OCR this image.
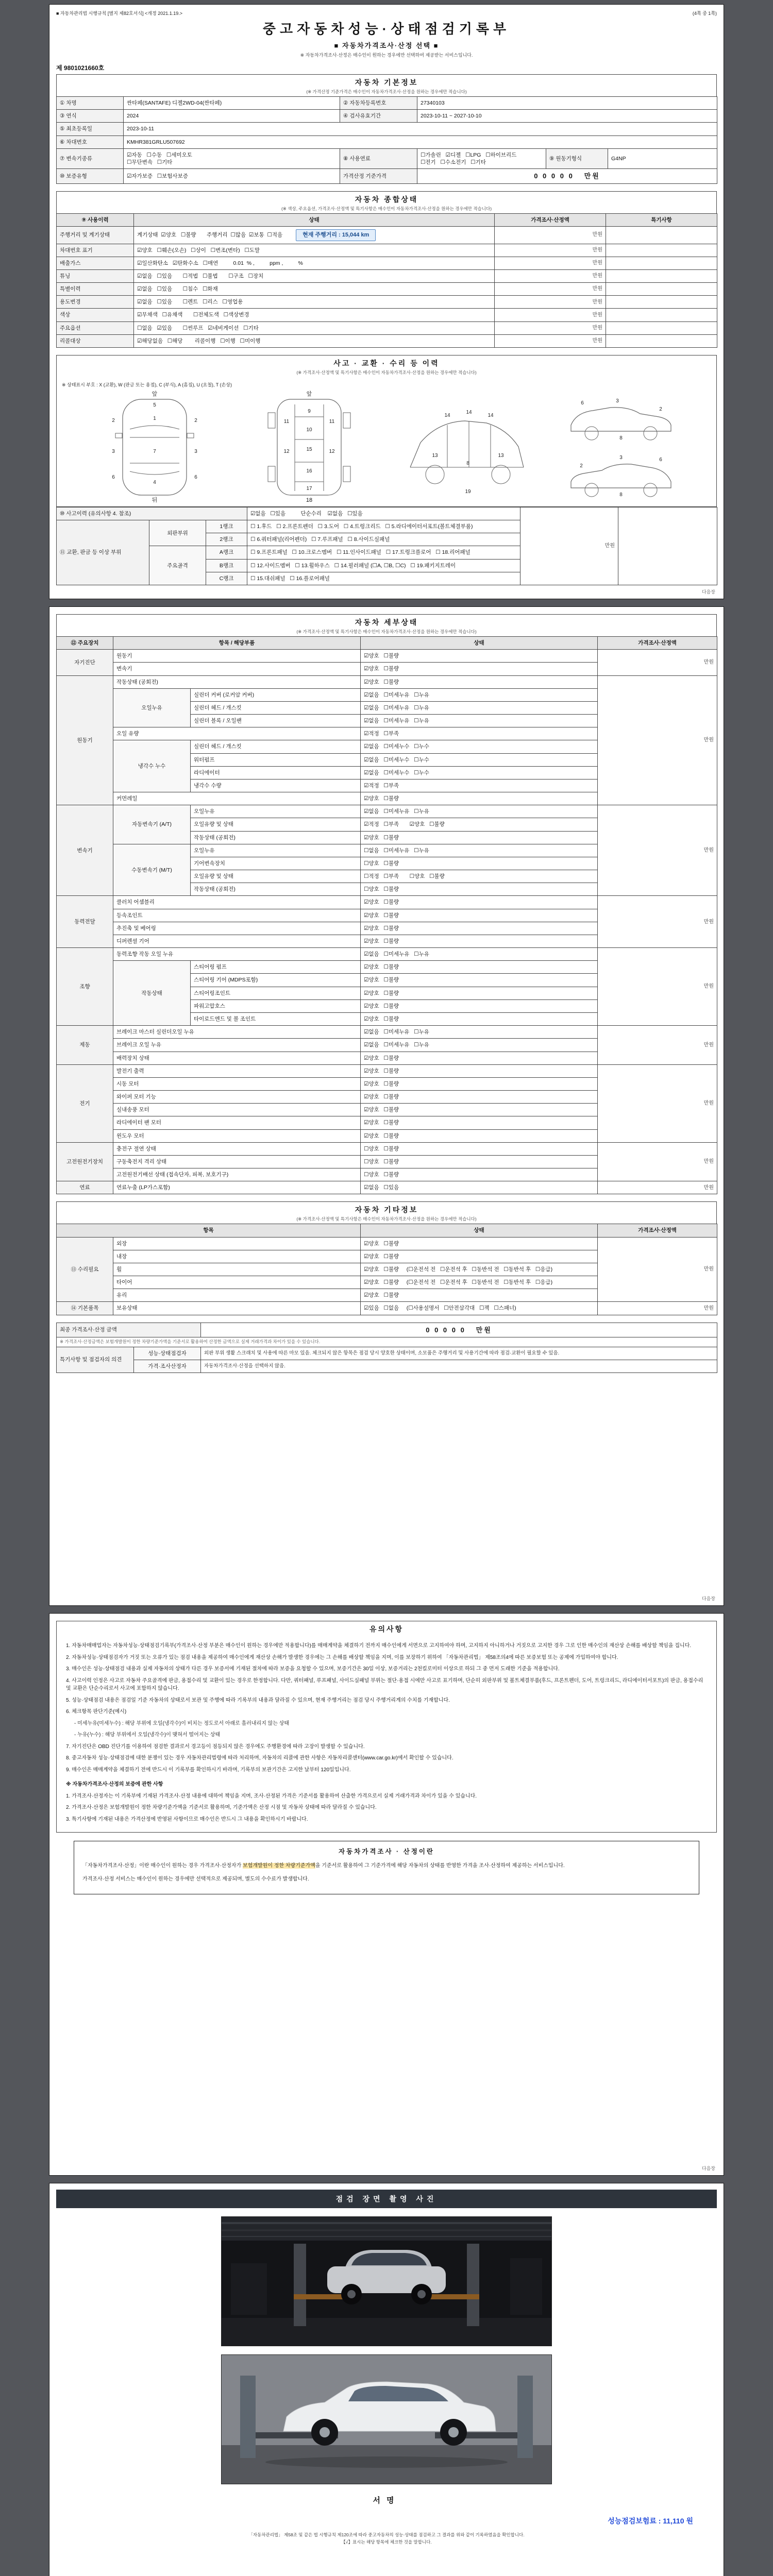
■ 자동차관리법 시행규칙 [별지 제82호서식] <개정 2021.1.19.>	(4쪽 중 1쪽)
중고자동차성능·상태점검기록부
■ 자동차가격조사·산정 선택 ■
※ 자동차가격조사·산정은 매수인이 원하는 경우에만 선택하여 제공받는 서비스입니다.
제 9801021660호
자동차 기본정보
(※ 가격산정 기준가격은 매수인이 자동차가격조사·산정을 원하는 경우에만 적습니다)
① 차명	싼타페(SANTAFE) 디젤2WD-04(싼타페)	② 자동차등록번호	27340103		
③ 연식	2024	④ 검사유효기간	2023-10-11 ~ 2027-10-10		
⑤ 최초등록일	2023-10-11				
⑥ 차대번호	KMHR381GRLU507692				
⑦ 변속기종류	☑자동   ☐수동   ☐세미오토
☐무단변속   ☐기타	⑧ 사용연료	☐가솔린   ☑디젤   ☐LPG   ☐하이브리드
☐전기   ☐수소전기   ☐기타	⑨ 원동기형식	G4NP
⑩ 보증유형	☑자가보증   ☐보험사보증	가격산정 기준가격	0 0 0 0 0   만원		
자동차 종합상태
(※ 색상, 주요옵션, 가격조사·산정액 및 특기사항은 매수인이 자동차가격조사·산정을 원하는 경우에만 적습니다)
⑨ 사용이력	상태	가격조사·산정액	특기사항
주행거리 및 계기상태	계기상태  ☑양호   ☐불량       주행거리  ☐많음  ☑보통  ☐적음 현재 주행거리 : 15,044 km	만원	
차대번호 표기	☑양호   ☐훼손(오손)   ☐상이   ☐변조(변타)   ☐도말	만원	
배출가스	☑일산화탄소   ☑탄화수소   ☐매연          0.01  % ,          ppm ,          %	만원	
튜닝	☑없음   ☐있음       ☐적법   ☐불법       ☐구조   ☐장치	만원	
특별이력	☑없음   ☐있음       ☐침수   ☐화재	만원	
용도변경	☑없음   ☐있음       ☐렌트   ☐리스   ☐영업용	만원	
색상	☑무채색   ☐유채색       ☐전체도색   ☐색상변경	만원	
주요옵션	☐없음   ☑있음       ☐썬루프   ☑네비게이션   ☐기타	만원	
리콜대상	☑해당없음   ☐해당        리콜이행   ☐이행   ☐미이행	만원	
사고 · 교환 · 수리 등 이력
(※ 가격조사·산정액 및 특기사항은 매수인이 자동차가격조사·산정을 원하는 경우에만 적습니다)
※ 상태표시 부호 : X (교환), W (판금 또는 용접), C (부식), A (흠집), U (요철), T (손상)
앞
5
1
7
4
2	2
3	3
6	6
뒤
앞
9
10
15
16
17
11	11
12	12
18
14
14
14
13	13
8
19
6	3
2
8
2
3	6
8
⑩ 사고이력 (유의사항 4. 참조)			☑없음   ☐있음          단순수리    ☑없음   ☐있음	만원	
⑪ 교환, 판금 등 이상 부위	외판부위	1랭크	☐ 1.후드   ☐ 2.프론트펜더   ☐ 3.도어   ☐ 4.트렁크리드   ☐ 5.라디에이터서포트(볼트체결부품)		
		2랭크	☐ 6.쿼터패널(리어펜더)   ☐ 7.루프패널   ☐ 8.사이드실패널		
	주요골격	A랭크	☐ 9.프론트패널   ☐ 10.크로스멤버   ☐ 11.인사이드패널   ☐ 17.트렁크플로어   ☐ 18.리어패널		
		B랭크	☐ 12.사이드멤버   ☐ 13.휠하우스   ☐ 14.필러패널 (☐A, ☐B, ☐C)   ☐ 19.패키지트레이		
		C랭크	☐ 15.대쉬패널   ☐ 16.플로어패널		
다음장
자동차 세부상태
(※ 가격조사·산정액 및 특기사항은 매수인이 자동차가격조사·산정을 원하는 경우에만 적습니다)
⑫ 주요장치	항목 / 해당부품		상태	가격조사·산정액
자기진단	원동기		☑양호   ☐불량	만원
	변속기		☑양호   ☐불량	
원동기	작동상태 (공회전)		☑양호   ☐불량	만원
	오일누유	실린더 커버 (로커암 커버)	☑없음   ☐미세누유   ☐누유	
		실린더 헤드 / 개스킷	☑없음   ☐미세누유   ☐누유	
		실린더 블록 / 오일팬	☑없음   ☐미세누유   ☐누유	
	오일 유량		☑적정   ☐부족	
	냉각수 누수	실린더 헤드 / 개스킷	☑없음   ☐미세누수   ☐누수	
		워터펌프	☑없음   ☐미세누수   ☐누수	
		라디에이터	☑없음   ☐미세누수   ☐누수	
		냉각수 수량	☑적정   ☐부족	
	커먼레일		☑양호   ☐불량	
변속기	자동변속기 (A/T)	오일누유	☑없음   ☐미세누유   ☐누유	만원
		오일유량 및 상태	☑적정   ☐부족       ☑양호   ☐불량	
		작동상태 (공회전)	☑양호   ☐불량	
	수동변속기 (M/T)	오일누유	☐없음   ☐미세누유   ☐누유	
		기어변속장치	☐양호   ☐불량	
		오일유량 및 상태	☐적정   ☐부족       ☐양호   ☐불량	
		작동상태 (공회전)	☐양호   ☐불량	
동력전달	클러치 어셈블리		☑양호   ☐불량	만원
	등속조인트		☑양호   ☐불량	
	추진축 및 베어링		☑양호   ☐불량	
	디퍼렌셜 기어		☑양호   ☐불량	
조향	동력조향 작동 오일 누유		☑없음   ☐미세누유   ☐누유	만원
	작동상태	스티어링 펌프	☑양호   ☐불량	
		스티어링 기어 (MDPS포함)	☑양호   ☐불량	
		스티어링조인트	☑양호   ☐불량	
		파워고압호스	☑양호   ☐불량	
		타이로드엔드 및 볼 조인트	☑양호   ☐불량	
제동	브레이크 마스터 실린더오일 누유		☑없음   ☐미세누유   ☐누유	만원
	브레이크 오일 누유		☑없음   ☐미세누유   ☐누유	
	배력장치 상태		☑양호   ☐불량	
전기	발전기 출력		☑양호   ☐불량	만원
	시동 모터		☑양호   ☐불량	
	와이퍼 모터 기능		☑양호   ☐불량	
	실내송풍 모터		☑양호   ☐불량	
	라디에이터 팬 모터		☑양호   ☐불량	
	윈도우 모터		☑양호   ☐불량	
고전원전기장치	충전구 절연 상태		☐양호   ☐불량	만원
	구동축전지 격리 상태		☐양호   ☐불량	
	고전원전기배선 상태 (접속단자, 피복, 보호기구)		☐양호   ☐불량	
연료	연료누출 (LP가스포함)		☑없음   ☐있음	만원
자동차 기타정보
(※ 가격조사·산정액 및 특기사항은 매수인이 자동차가격조사·산정을 원하는 경우에만 적습니다)
항목		상태	가격조사·산정액
⑬ 수리필요	외장	☑양호   ☐불량	만원
	내장	☑양호   ☐불량	
	휠	☑양호   ☐불량     (☐운전석 전   ☐운전석 후   ☐동반석 전   ☐동반석 후   ☐응급)	
	타이어	☑양호   ☐불량     (☐운전석 전   ☐운전석 후   ☐동반석 전   ☐동반석 후   ☐응급)	
	유리	☑양호   ☐불량	
⑭ 기본품목	보유상태	☑있음   ☐없음     (☐사용설명서   ☐안전삼각대   ☐잭   ☐스패너)	만원
최종 가격조사·산정 금액		0 0 0 0 0   만원
※ 가격조사·산정금액은 보험개발원이 정한 차량기준가액을 기준서로 활용하여 산정한 금액으로 실제 거래가격과 차이가 있을 수 있습니다.		
특기사항 및 점검자의 의견	성능·상태점검자	외판 부위 생활 스크래치 및 사용에 따른 마모 있음. 체크되지 않은 항목은 점검 당시 양호한 상태이며, 소모품은 주행거리 및 사용기간에 따라 점검·교환이 필요할 수 있음.
	가격·조사산정자	자동차가격조사·산정을 선택하지 않음.
다음장
유의사항

1. 자동차매매업자는 자동차성능·상태점검기록부(가격조사·산정 부분은 매수인이 원하는 경우에만 적용합니다)를 매매계약을 체결하기 전까지 매수인에게 서면으로 고지하여야 하며, 고지하지 아니하거나 거짓으로 고지한 경우 그로 인한 매수인의 재산상 손해를 배상할 책임을 집니다.

2. 자동차성능·상태점검자가 거짓 또는 오류가 있는 점검 내용을 제공하여 매수인에게 재산상 손해가 발생한 경우에는 그 손해를 배상할 책임을 지며, 이를 보장하기 위하여 「자동차관리법」 제58조의4에 따른 보증보험 또는 공제에 가입하여야 합니다.

3. 매수인은 성능·상태점검 내용과 실제 자동차의 상태가 다른 경우 보증서에 기재된 절차에 따라 보증을 요청할 수 있으며, 보증기간은 30일 이상, 보증거리는 2천킬로미터 이상으로 하되 그 중 먼저 도래한 기준을 적용합니다.

4. 사고이력 인정은 사고로 자동차 주요골격에 판금, 용접수리 및 교환이 있는 경우로 한정합니다. 다만, 쿼터패널, 루프패널, 사이드실패널 부위는 절단·용접 시에만 사고로 표기하며, 단순히 외판부위 및 볼트체결부품(후드, 프론트펜더, 도어, 트렁크리드, 라디에이터서포트)의 판금, 용접수리 및 교환은 단순수리로서 사고에 포함하지 않습니다.

5. 성능·상태점검 내용은 점검일 기준 자동차의 상태로서 보관 및 주행에 따라 기록부의 내용과 달라질 수 있으며, 현재 주행거리는 점검 당시 주행거리계의 수치를 기재합니다.

6. 체크항목 판단기준(예시)

- 미세누유(미세누수) : 해당 부위에 오일(냉각수)이 비치는 정도로서 아래로 흘러내리지 않는 상태

- 누유(누수) : 해당 부위에서 오일(냉각수)이 맺혀서 떨어지는 상태

7. 자기진단은 OBD 진단기를 이용하여 점검한 결과로서 경고등이 점등되지 않은 경우에도 주행환경에 따라 고장이 발생할 수 있습니다.

8. 중고자동차 성능·상태점검에 대한 분쟁이 있는 경우 자동차관리법령에 따라 처리하며, 자동차의 리콜에 관한 사항은 자동차리콜센터(www.car.go.kr)에서 확인할 수 있습니다.

9. 매수인은 매매계약을 체결하기 전에 반드시 이 기록부를 확인하시기 바라며, 기록부의 보관기간은 고지한 날부터 120일입니다.

※ 자동차가격조사·산정의 보증에 관한 사항

1. 가격조사·산정자는 이 기록부에 기재된 가격조사·산정 내용에 대하여 책임을 지며, 조사·산정된 가격은 기준서를 활용하여 산출한 가격으로서 실제 거래가격과 차이가 있을 수 있습니다.

2. 가격조사·산정은 보험개발원이 정한 차량기준가액을 기준서로 활용하며, 기준가액은 산정 시점 및 자동차 상태에 따라 달라질 수 있습니다.

3. 특기사항에 기재된 내용은 가격산정에 반영된 사항이므로 매수인은 반드시 그 내용을 확인하시기 바랍니다.

자동차가격조사 · 산정이란

「자동차가격조사·산정」이란 매수인이 원하는 경우 가격조사·산정자가 보험개발원이 정한 차량기준가액을 기준서로 활용하여 그 기준가격에 해당 자동차의 상태를 반영한 가격을 조사·산정하여 제공하는 서비스입니다.

가격조사·산정 서비스는 매수인이 원하는 경우에만 선택적으로 제공되며, 별도의 수수료가 발생합니다.

다음장
점검 장면 촬영 사진
서명
성능점검보험료 : 11,110 원
「자동차관리법」 제58조 및 같은 법 시행규칙 제120조에 따라 중고자동차의 성능·상태를 점검하고 그 결과를 위와 같이 기록하였음을 확인합니다.
【√】표시는 해당 항목에 체크한 것을 말합니다.
